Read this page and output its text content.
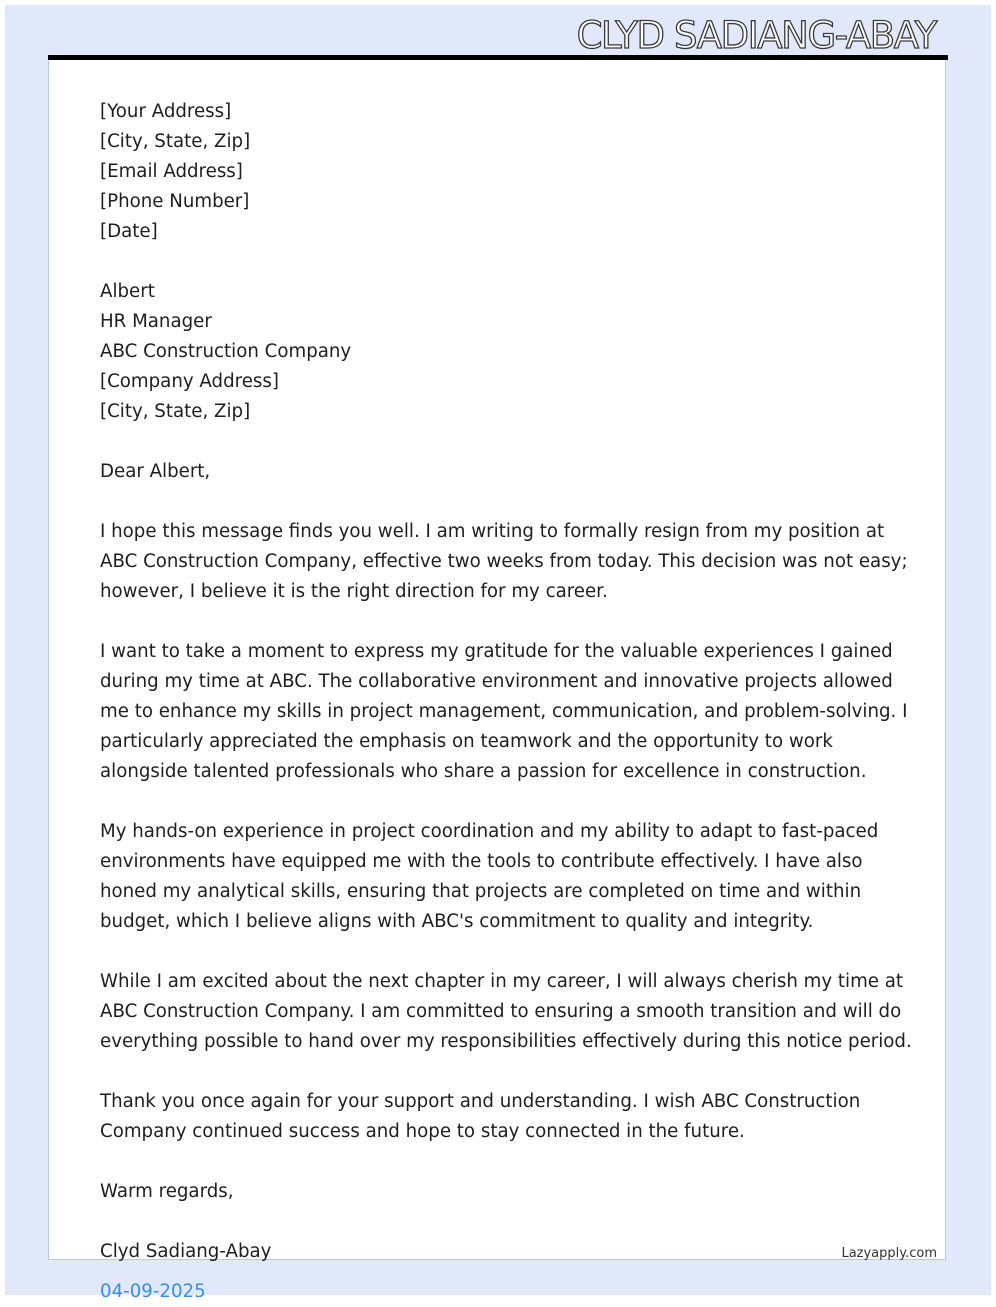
CLYD SADIANG-ABAY
[Your Address]
[City, State, Zip]
[Email Address]
[Phone Number]
[Date]
Albert
HR Manager
ABC Construction Company
[Company Address]
[City, State, Zip]
Dear Albert,
I hope this message finds you well. I am writing to formally resign from my position at
ABC Construction Company, effective two weeks from today. This decision was not easy;
however, I believe it is the right direction for my career.
I want to take a moment to express my gratitude for the valuable experiences I gained
during my time at ABC. The collaborative environment and innovative projects allowed
me to enhance my skills in project management, communication, and problem-solving. I
particularly appreciated the emphasis on teamwork and the opportunity to work
alongside talented professionals who share a passion for excellence in construction.
My hands-on experience in project coordination and my ability to adapt to fast-paced
environments have equipped me with the tools to contribute effectively. I have also
honed my analytical skills, ensuring that projects are completed on time and within
budget, which I believe aligns with ABC's commitment to quality and integrity.
While I am excited about the next chapter in my career, I will always cherish my time at
ABC Construction Company. I am committed to ensuring a smooth transition and will do
everything possible to hand over my responsibilities effectively during this notice period.
Thank you once again for your support and understanding. I wish ABC Construction
Company continued success and hope to stay connected in the future.
Warm regards,
Clyd Sadiang-Abay
04-09-2025
Lazyapply.com
